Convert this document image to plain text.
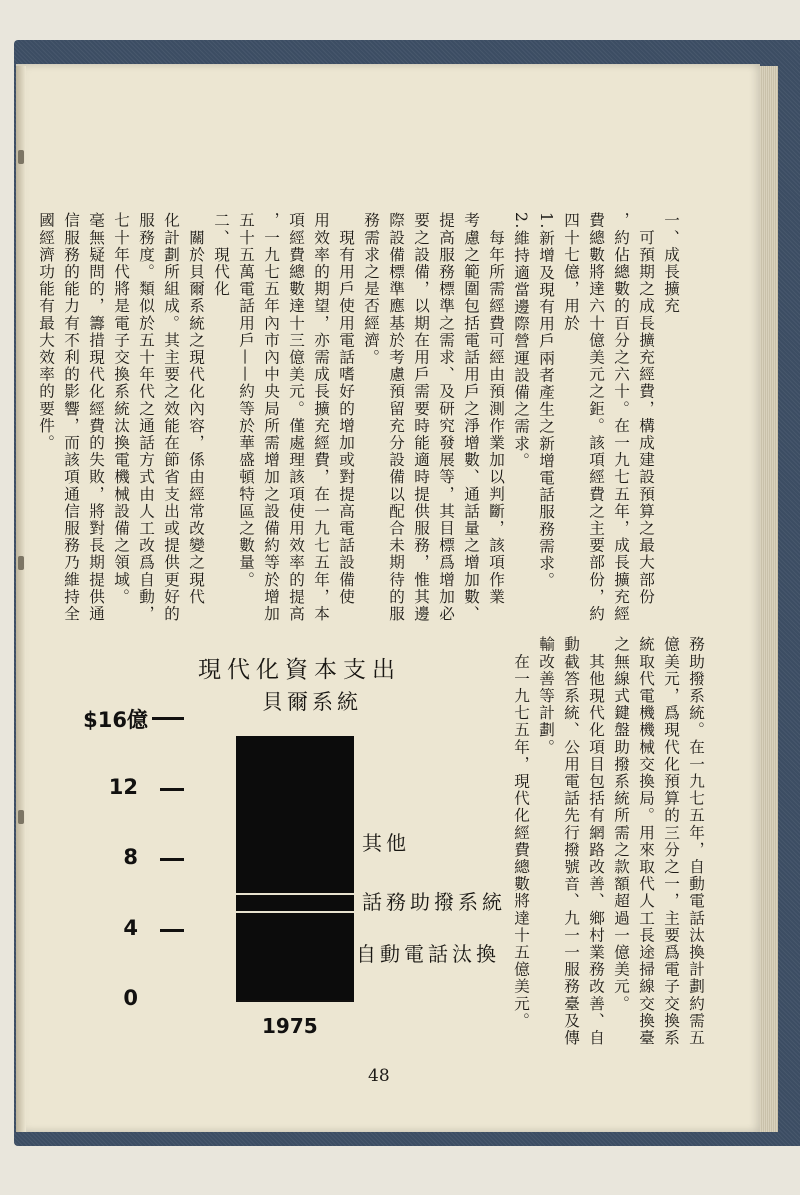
一、成長擴充
　可預期之成長擴充經費，構成建設預算之最大部份
，約佔總數的百分之六十。在一九七五年，成長擴充經
費總數將達六十億美元之鉅。該項經費之主要部份，約
四十七億，用於
1.新增及現有用戶兩者產生之新增電話服務需求。
2.維持適當邊際營運設備之需求。
　每年所需經費可經由預測作業加以判斷，該項作業
考慮之範圍包括電話用戶之淨增數、通話量之增加數、
提高服務標準之需求、及研究發展等，其目標爲增加必
要之設備，以期在用戶需要時能適時提供服務，惟其邊
際設備標準應基於考慮預留充分設備以配合未期待的服
務需求之是否經濟。
　現有用戶使用電話嗜好的增加或對提高電話設備使
用效率的期望，亦需成長擴充經費，在一九七五年，本
項經費總數達十三億美元。僅處理該項使用效率的提高
，一九七五年內市內中央局所需增加之設備約等於增加
五十五萬電話用戶——約等於華盛頓特區之數量。
二、現代化
　關於貝爾系統之現代化內容，係由經常改變之現代
化計劃所組成。其主要之效能在節省支出或提供更好的
服務度。類似於五十年代之通話方式由人工改爲自動，
七十年代將是電子交換系統汰換電機械設備之領域。
毫無疑問的，籌措現代化經費的失敗，將對長期提供通
信服務的能力有不利的影響，而該項通信服務乃維持全
國經濟功能有最大效率的要件。
務助撥系統。在一九七五年，自動電話汰換計劃約需五
億美元，爲現代化預算的三分之一，主要爲電子交換系
統取代電機機械交換局。用來取代人工長途掃線交換臺
之無線式鍵盤助撥系統所需之款額超過一億美元。
　其他現代化項目包括有網路改善、鄉村業務改善、自
動截答系統、公用電話先行撥號音、九一一服務臺及傳
輸改善等計劃。
　在一九七五年，現代化經費總數將達十五億美元。
現代化資本支出
貝爾系統
0
4
8
12
$16億
自動電話汰換
話務助撥系統
其他
1975
48
